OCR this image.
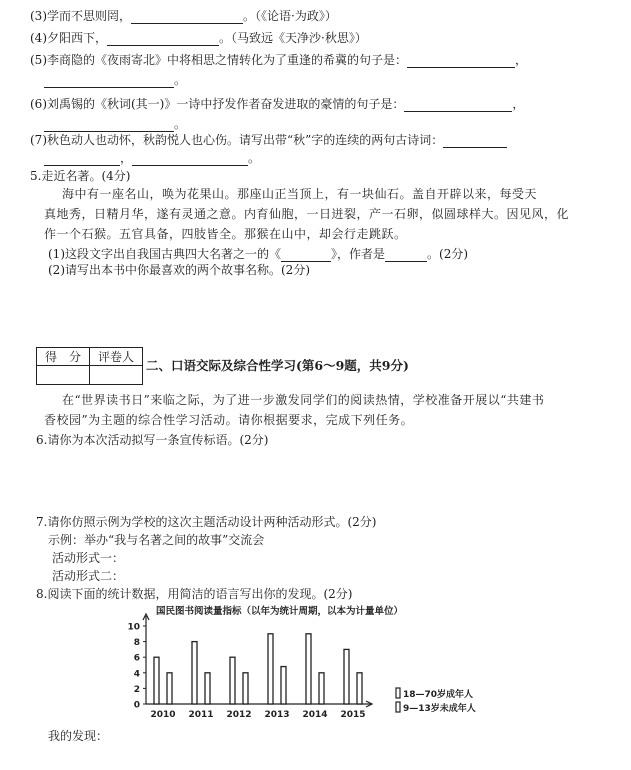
(3)学而不思则罔，	。（《论语·为政》）
(4)夕阳西下，	。（马致远《天净沙·秋思》）
(5)李商隐的《夜雨寄北》中将相思之情转化为了重逢的希冀的句子是：	，
。
(6)刘禹锡的《秋词(其一)》一诗中抒发作者奋发进取的豪情的句子是：	，
。
(7)秋色动人也动怀，秋韵悦人也心伤。请写出带“秋”字的连续的两句古诗词：
，	。
5.走近名著。(4分)
海中有一座名山，唤为花果山。那座山正当顶上，有一块仙石。盖自开辟以来，每受天
真地秀，日精月华，遂有灵通之意。内育仙胞，一日迸裂，产一石卵，似圆球样大。因见风，化
作一个石猴。五官具备，四肢皆全。那猴在山中，却会行走跳跃。
(1)这段文字出自我国古典四大名著之一的《	》，作者是	。(2分)
(2)请写出本书中你最喜欢的两个故事名称。(2分)
得　分	评卷人

二、口语交际及综合性学习(第6～9题，共9分)
在“世界读书日”来临之际，为了进一步激发同学们的阅读热情，学校准备开展以“共建书
香校园”为主题的综合性学习活动。请你根据要求，完成下列任务。
6.请你为本次活动拟写一条宣传标语。(2分)
7.请你仿照示例为学校的这次主题活动设计两种活动形式。(2分)
示例：举办“我与名著之间的故事”交流会
活动形式一：
活动形式二：
8.阅读下面的统计数据，用简洁的语言写出你的发现。(2分)
国民图书阅读量指标（以年为统计周期，以本为计量单位）
0
2
4
6
8
10
2010 2011 2012 2013 2014 2015
18—70岁成年人
9—13岁未成年人
我的发现：
